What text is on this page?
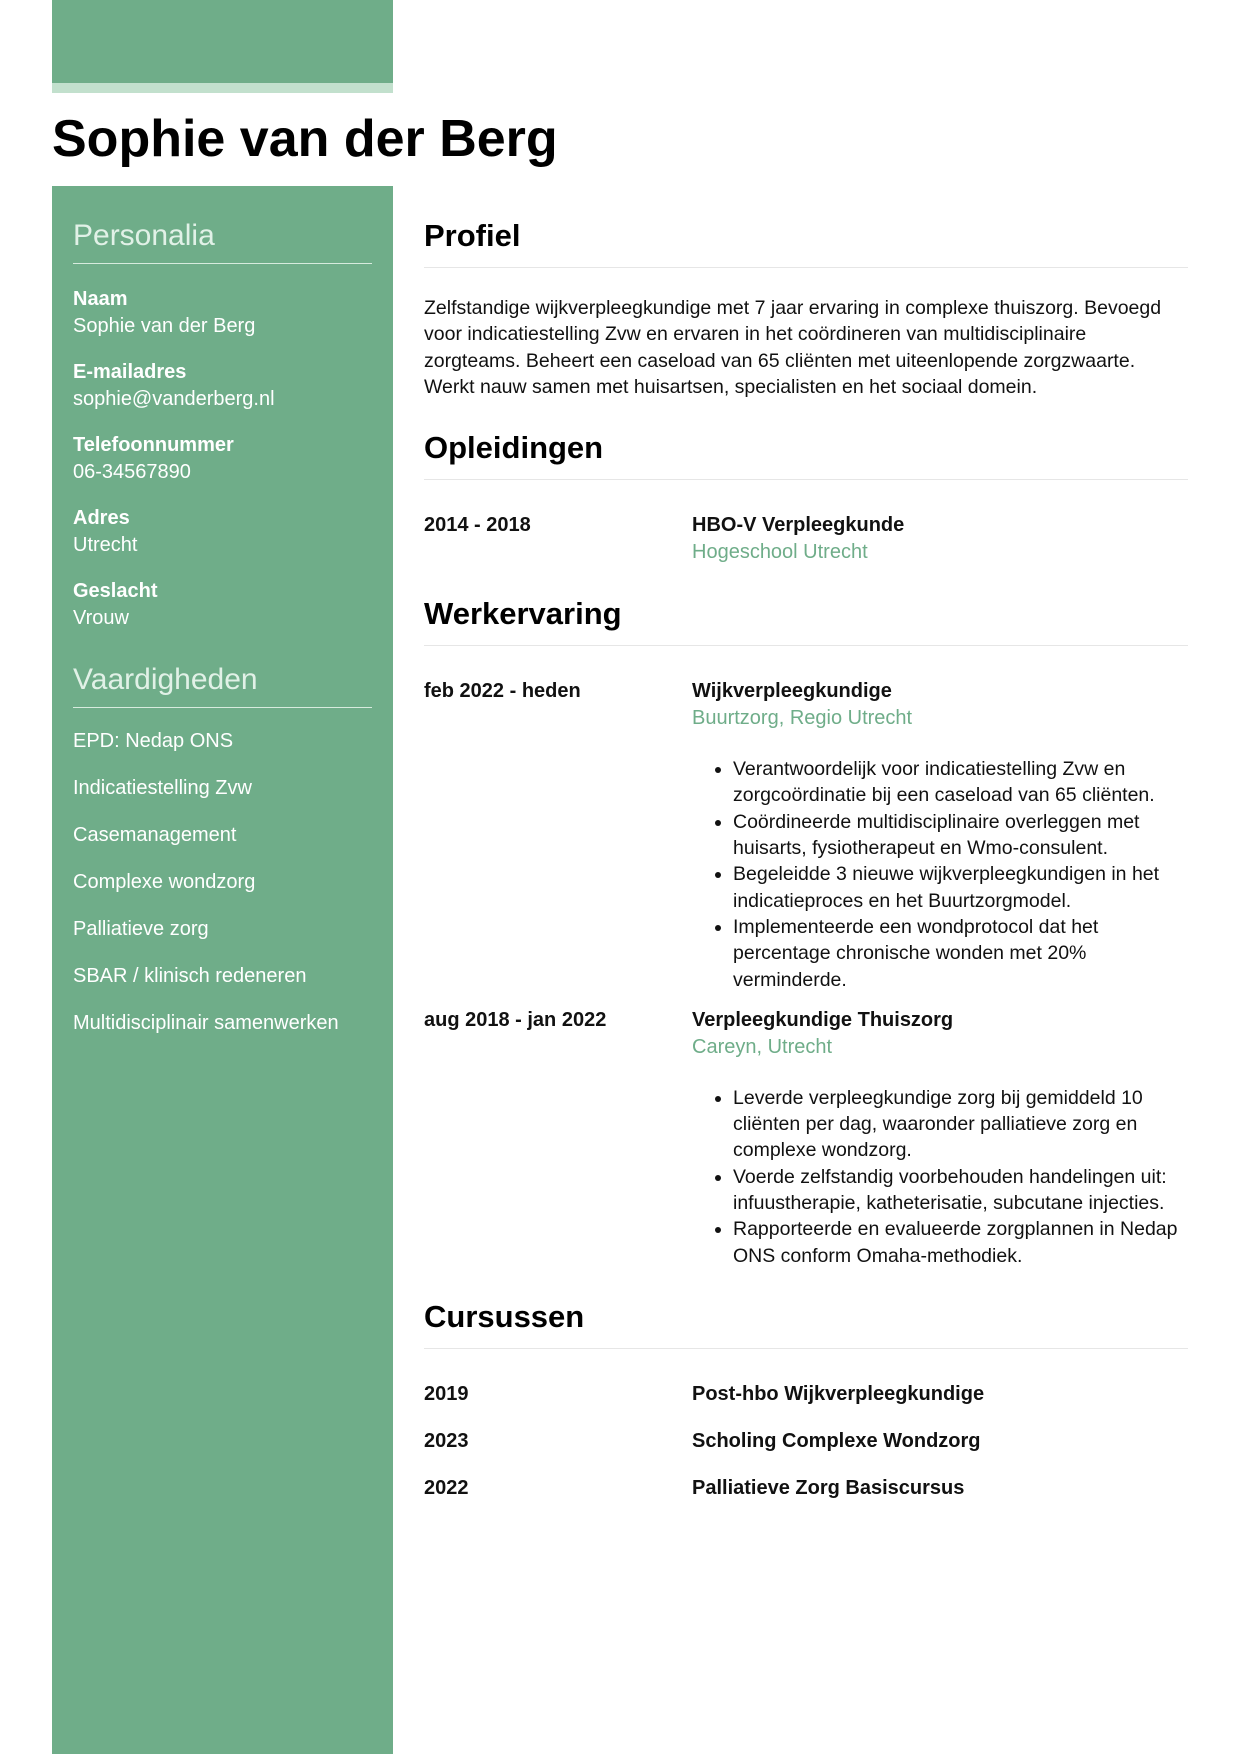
Sophie van der Berg
Personalia
Naam
Sophie van der Berg
E-mailadres
sophie@vanderberg.nl
Telefoonnummer
06-34567890
Adres
Utrecht
Geslacht
Vrouw
Vaardigheden
EPD: Nedap ONS
Indicatiestelling Zvw
Casemanagement
Complexe wondzorg
Palliatieve zorg
SBAR / klinisch redeneren
Multidisciplinair samenwerken
Profiel

Zelfstandige wijkverpleegkundige met 7 jaar ervaring in complexe thuiszorg. Bevoegd voor indicatiestelling Zvw en ervaren in het coördineren van multidisciplinaire zorgteams. Beheert een caseload van 65 cliënten met uiteenlopende zorgzwaarte. Werkt nauw samen met huisartsen, specialisten en het sociaal domein.

Opleidingen
2014 - 2018	HBO-V Verpleegkunde
Hogeschool Utrecht
Werkervaring
feb 2022 - heden	Wijkverpleegkundige
Buurtzorg, Regio Utrecht
• Verantwoordelijk voor indicatiestelling Zvw en zorgcoördinatie bij een caseload van 65 cliënten.
• Coördineerde multidisciplinaire overleggen met huisarts, fysiotherapeut en Wmo-consulent.
• Begeleidde 3 nieuwe wijkverpleegkundigen in het indicatieproces en het Buurtzorgmodel.
• Implementeerde een wondprotocol dat het percentage chronische wonden met 20% verminderde.
aug 2018 - jan 2022	Verpleegkundige Thuiszorg
Careyn, Utrecht
• Leverde verpleegkundige zorg bij gemiddeld 10 cliënten per dag, waaronder palliatieve zorg en complexe wondzorg.
• Voerde zelfstandig voorbehouden handelingen uit: infuustherapie, katheterisatie, subcutane injecties.
• Rapporteerde en evalueerde zorgplannen in Nedap ONS conform Omaha-methodiek.
Cursussen
2019	Post-hbo Wijkverpleegkundige
2023	Scholing Complexe Wondzorg
2022	Palliatieve Zorg Basiscursus
